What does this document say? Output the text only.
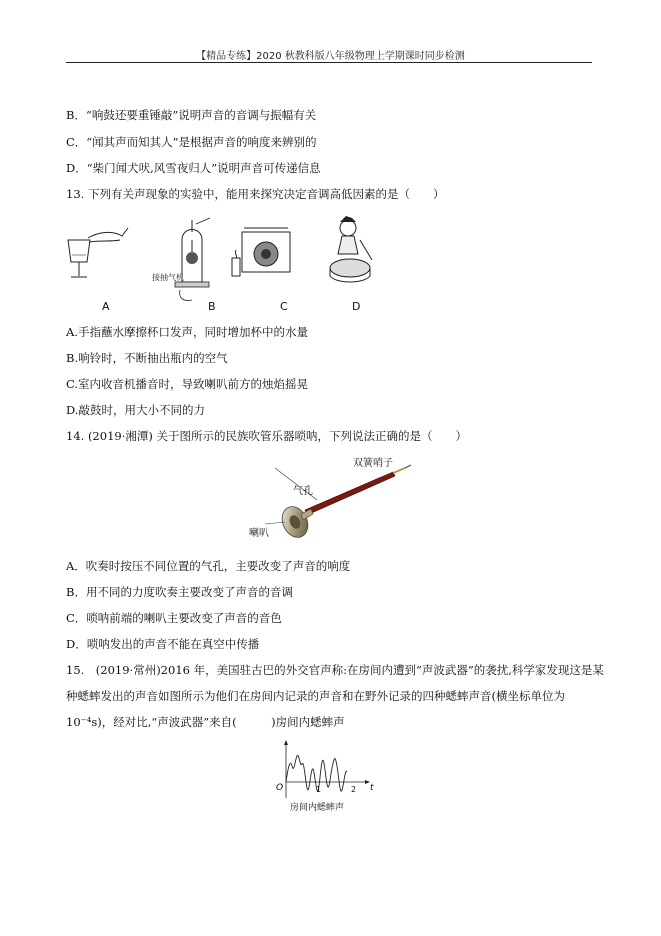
【精品专练】2020 秋教科版八年级物理上学期课时同步检测
B．“响鼓还要重锤敲”说明声音的音调与振幅有关
C．“闻其声而知其人”是根据声音的响度来辨别的
D．“柴门闻犬吠,风雪夜归人”说明声音可传递信息
13. 下列有关声现象的实验中，能用来探究决定音调高低因素的是（　　）
接抽气机
A	B	C	D
A.手指蘸水摩擦杯口发声，同时增加杯中的水量
B.响铃时，不断抽出瓶内的空气
C.室内收音机播音时，导致喇叭前方的烛焰摇晃
D.敲鼓时，用大小不同的力
14. (2019·湘潭) 关于图所示的民族吹管乐器唢呐，下列说法正确的是（　　）
双簧哨子
气孔
喇叭
A．吹奏时按压不同位置的气孔，主要改变了声音的响度
B．用不同的力度吹奏主要改变了声音的音调
C．唢呐前端的喇叭主要改变了声音的音色
D．唢呐发出的声音不能在真空中传播
15.　(2019·常州)2016 年，美国驻古巴的外交官声称:在房间内遭到“声波武器”的袭扰,科学家发现这是某
种蟋蟀发出的声音如图所示为他们在房间内记录的声音和在野外记录的四种蟋蟀声音(横坐标单位为
10⁻⁴s)，经对比,“声波武器”来自(　　　)房间内蟋蟀声
O	t
1	2
房间内蟋蟀声
